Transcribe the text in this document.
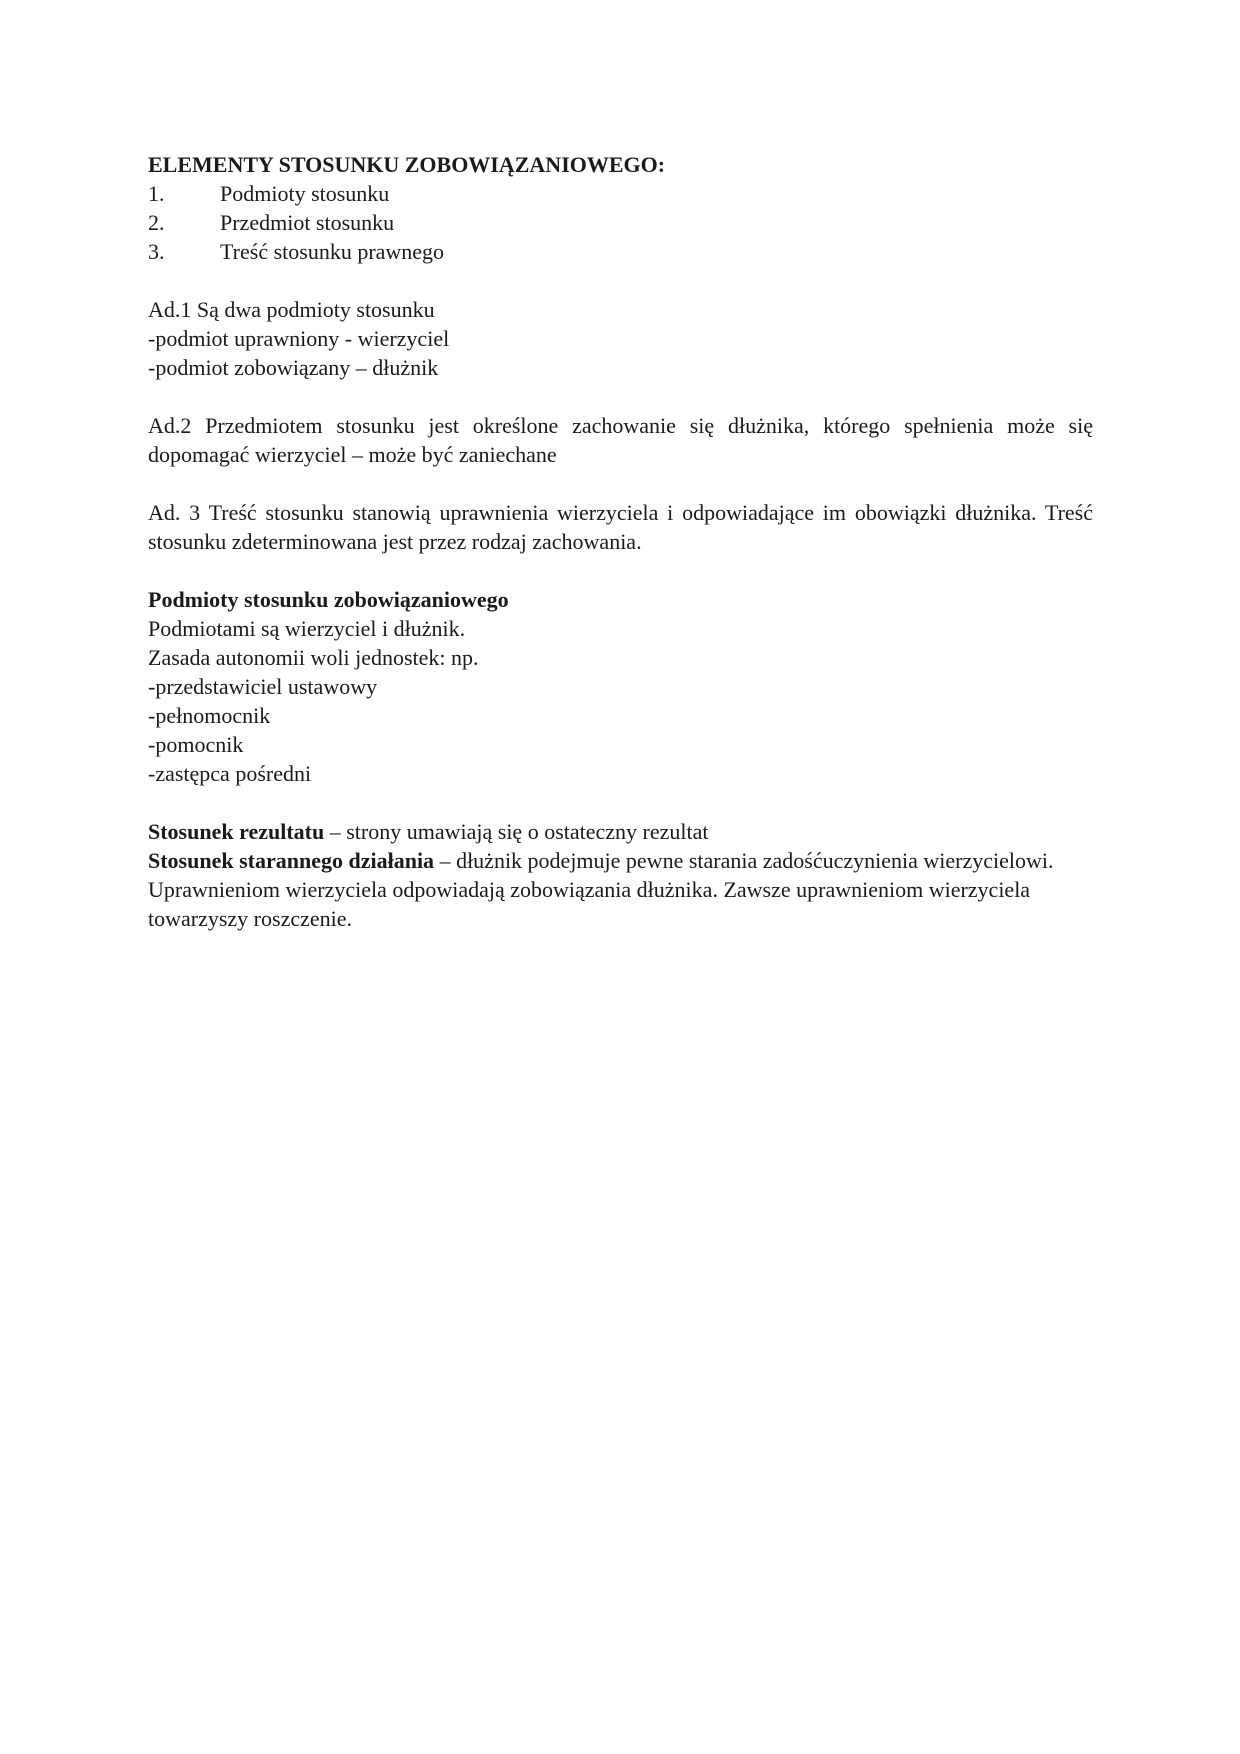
ELEMENTY STOSUNKU ZOBOWIĄZANIOWEGO:
1.	Podmioty stosunku
2.	Przedmiot stosunku
3.	Treść stosunku prawnego
Ad.1 Są dwa podmioty stosunku
-podmiot uprawniony - wierzyciel
-podmiot zobowiązany – dłużnik

Ad.2 Przedmiotem stosunku jest określone zachowanie się dłużnika, którego spełnienia może się dopomagać wierzyciel – może być zaniechane

Ad. 3 Treść stosunku stanowią uprawnienia wierzyciela i odpowiadające im obowiązki dłużnika. Treść stosunku zdeterminowana jest przez rodzaj zachowania.

Podmioty stosunku zobowiązaniowego
Podmiotami są wierzyciel i dłużnik.
Zasada autonomii woli jednostek: np.
-przedstawiciel ustawowy
-pełnomocnik
-pomocnik
-zastępca pośredni
Stosunek rezultatu – strony umawiają się o ostateczny rezultat

Stosunek starannego działania – dłużnik podejmuje pewne starania zadośćuczynienia wierzycielowi. Uprawnieniom wierzyciela odpowiadają zobowiązania dłużnika. Zawsze uprawnieniom wierzyciela towarzyszy roszczenie.
